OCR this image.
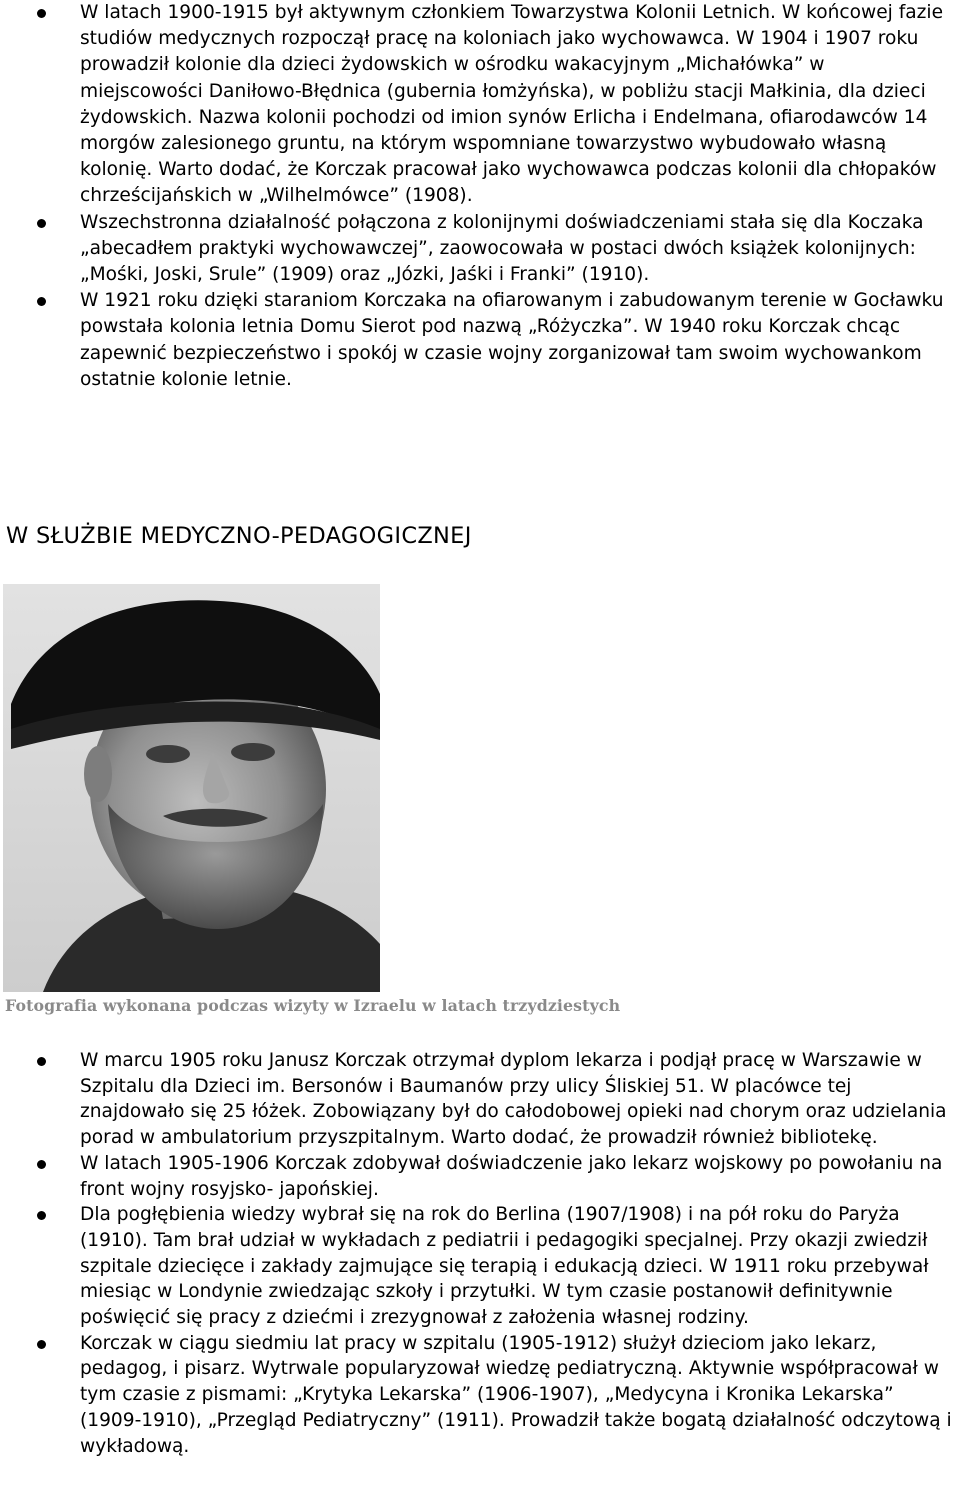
W latach 1900-1915 był aktywnym członkiem Towarzystwa Kolonii Letnich. W końcowej fazie studiów medycznych rozpoczął pracę na koloniach jako wychowawca. W 1904 i 1907 roku prowadził kolonie dla dzieci żydowskich w ośrodku wakacyjnym „Michałówka” w miejscowości Daniłowo-Błędnica (gubernia łomżyńska), w pobliżu stacji Małkinia, dla dzieci żydowskich. Nazwa kolonii pochodzi od imion synów Erlicha i Endelmana, ofiarodawców 14 morgów zalesionego gruntu, na którym wspomniane towarzystwo wybudowało własną kolonię. Warto dodać, że Korczak pracował jako wychowawca podczas kolonii dla chłopaków chrześcijańskich w „Wilhelmówce” (1908).
Wszechstronna działalność połączona z kolonijnymi doświadczeniami stała się dla Koczaka „abecadłem praktyki wychowawczej”, zaowocowała w postaci dwóch książek kolonijnych: „Mośki, Joski, Srule” (1909) oraz „Józki, Jaśki i Franki” (1910).
W 1921 roku dzięki staraniom Korczaka na ofiarowanym i zabudowanym terenie w Gocławku powstała kolonia letnia Domu Sierot pod nazwą „Różyczka”. W 1940 roku Korczak chcąc zapewnić bezpieczeństwo i spokój w czasie wojny zorganizował tam swoim wychowankom ostatnie kolonie letnie.
W SŁUŻBIE MEDYCZNO-PEDAGOGICZNEJ

Fotografia wykonana podczas wizyty w Izraelu w latach trzydziestych

W marcu 1905 roku Janusz Korczak otrzymał dyplom lekarza i podjął pracę w Warszawie w Szpitalu dla Dzieci im. Bersonów i Baumanów przy ulicy Śliskiej 51. W placówce tej znajdowało się 25 łóżek. Zobowiązany był do całodobowej opieki nad chorym oraz udzielania porad w ambulatorium przyszpitalnym. Warto dodać, że prowadził również bibliotekę.
W latach 1905-1906 Korczak zdobywał doświadczenie jako lekarz wojskowy po powołaniu na front wojny rosyjsko- japońskiej.
Dla pogłębienia wiedzy wybrał się na rok do Berlina (1907/1908) i na pół roku do Paryża (1910). Tam brał udział w wykładach z pediatrii i pedagogiki specjalnej. Przy okazji zwiedził szpitale dziecięce i zakłady zajmujące się terapią i edukacją dzieci. W 1911 roku przebywał miesiąc w Londynie zwiedzając szkoły i przytułki. W tym czasie postanowił definitywnie poświęcić się pracy z dziećmi i zrezygnował z założenia własnej rodziny.
Korczak w ciągu siedmiu lat pracy w szpitalu (1905-1912) służył dzieciom jako lekarz, pedagog, i pisarz. Wytrwale popularyzował wiedzę pediatryczną. Aktywnie współpracował w tym czasie z pismami: „Krytyka Lekarska” (1906-1907), „Medycyna i Kronika Lekarska” (1909-1910), „Przegląd Pediatryczny” (1911). Prowadził także bogatą działalność odczytową i wykładową.
